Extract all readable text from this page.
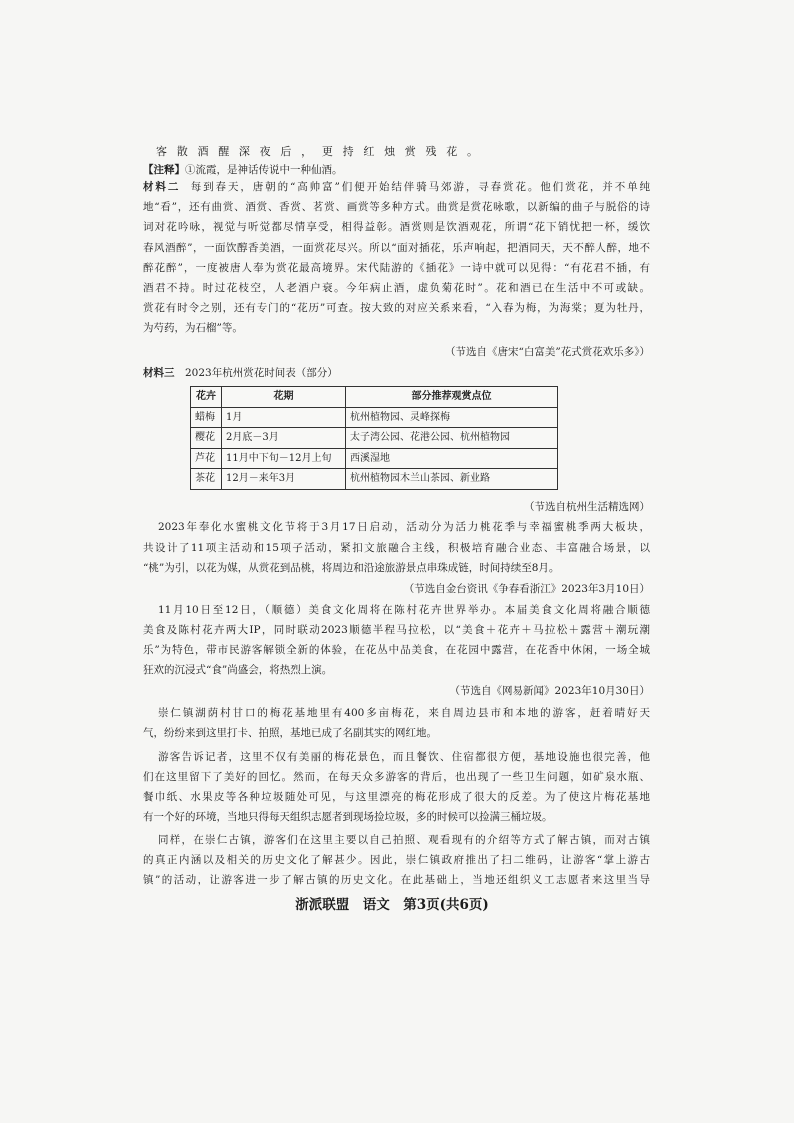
客散酒醒深夜后，更持红烛赏残花。
【注释】①流霞，是神话传说中一种仙酒。
材料二 每到春天，唐朝的“高帅富”们便开始结伴骑马郊游，寻春赏花。他们赏花，并不单纯
地“看”，还有曲赏、酒赏、香赏、茗赏、画赏等多种方式。曲赏是赏花咏歌，以新编的曲子与脱俗的诗
词对花吟咏，视觉与听觉都尽情享受，相得益彰。酒赏则是饮酒观花，所谓“花下销忧把一杯，缓饮
春风酒醉”，一面饮醇香美酒，一面赏花尽兴。所以“面对插花，乐声响起，把酒同天，天不醉人醉，地不
醉花醉”，一度被唐人奉为赏花最高境界。宋代陆游的《插花》一诗中就可以见得：“有花君不插，有
酒君不持。时过花枝空，人老酒户衰。今年病止酒，虚负菊花时”。花和酒已在生活中不可或缺。
赏花有时令之别，还有专门的“花历”可查。按大致的对应关系来看，“入春为梅，为海棠；夏为牡丹，
为芍药，为石榴”等。
（节选自《唐宋“白富美”花式赏花欢乐多》）
材料三 2023年杭州赏花时间表（部分）
花卉	花期	部分推荐观赏点位
蜡梅	1月	杭州植物园、灵峰探梅
樱花	2月底－3月	太子湾公园、花港公园、杭州植物园
芦花	11月中下旬－12月上旬	西溪湿地
茶花	12月－来年3月	杭州植物园木兰山茶园、新业路
（节选自杭州生活精选网）
2023年奉化水蜜桃文化节将于3月17日启动，活动分为活力桃花季与幸福蜜桃季两大板块，
共设计了11项主活动和15项子活动，紧扣文旅融合主线，积极培育融合业态、丰富融合场景，以
“桃”为引，以花为媒，从赏花到品桃，将周边和沿途旅游景点串珠成链，时间持续至8月。
（节选自金台资讯《争春看浙江》2023年3月10日）
11月10日至12日，（顺德）美食文化周将在陈村花卉世界举办。本届美食文化周将融合顺德
美食及陈村花卉两大IP，同时联动2023顺德半程马拉松，以“美食＋花卉＋马拉松＋露营＋潮玩潮
乐”为特色，带市民游客解锁全新的体验，在花丛中品美食，在花园中露营，在花香中休闲，一场全城
狂欢的沉浸式“食”尚盛会，将热烈上演。
（节选自《网易新闻》2023年10月30日）
崇仁镇湖荫村甘口的梅花基地里有400多亩梅花，来自周边县市和本地的游客，赶着晴好天
气，纷纷来到这里打卡、拍照，基地已成了名副其实的网红地。
游客告诉记者，这里不仅有美丽的梅花景色，而且餐饮、住宿都很方便，基地设施也很完善，他
们在这里留下了美好的回忆。然而，在每天众多游客的背后，也出现了一些卫生问题，如矿泉水瓶、
餐巾纸、水果皮等各种垃圾随处可见，与这里漂亮的梅花形成了很大的反差。为了使这片梅花基地
有一个好的环境，当地只得每天组织志愿者到现场捡垃圾，多的时候可以捡满三桶垃圾。
同样，在崇仁古镇，游客们在这里主要以自己拍照、观看现有的介绍等方式了解古镇，而对古镇
的真正内涵以及相关的历史文化了解甚少。因此，崇仁镇政府推出了扫二维码，让游客“掌上游古
镇”的活动，让游客进一步了解古镇的历史文化。在此基础上，当地还组织义工志愿者来这里当导
浙派联盟　语文　第3页(共6页)
